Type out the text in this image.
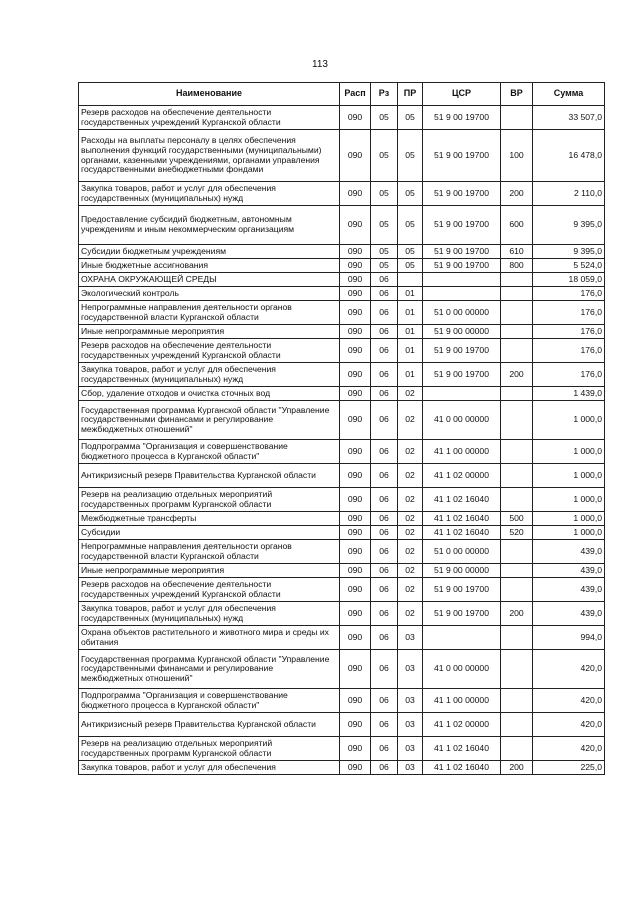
113
Наименование	Расп	Рз	ПР	ЦСР	ВР	Сумма
Резерв расходов на обеспечение деятельности государственных учреждений Курганской области	090	05	05	51 9 00 19700		33 507,0
Расходы на выплаты персоналу в целях обеспечения выполнения функций государственными (муниципальными) органами, казенными учреждениями, органами управления государственными внебюджетными фондами	090	05	05	51 9 00 19700	100	16 478,0
Закупка товаров, работ и услуг для обеспечения государственных (муниципальных) нужд	090	05	05	51 9 00 19700	200	2 110,0
Предоставление субсидий бюджетным, автономным учреждениям и иным некоммерческим организациям	090	05	05	51 9 00 19700	600	9 395,0
Субсидии бюджетным учреждениям	090	05	05	51 9 00 19700	610	9 395,0
Иные бюджетные ассигнования	090	05	05	51 9 00 19700	800	5 524,0
ОХРАНА ОКРУЖАЮЩЕЙ СРЕДЫ	090	06				18 059,0
Экологический контроль	090	06	01			176,0
Непрограммные направления деятельности органов государственной власти Курганской области	090	06	01	51 0 00 00000		176,0
Иные непрограммные мероприятия	090	06	01	51 9 00 00000		176,0
Резерв расходов на обеспечение деятельности государственных учреждений Курганской области	090	06	01	51 9 00 19700		176,0
Закупка товаров, работ и услуг для обеспечения государственных (муниципальных) нужд	090	06	01	51 9 00 19700	200	176,0
Сбор, удаление отходов и очистка сточных вод	090	06	02			1 439,0
Государственная программа Курганской области "Управление государственными финансами и регулирование межбюджетных отношений"	090	06	02	41 0 00 00000		1 000,0
Подпрограмма "Организация и совершенствование бюджетного процесса в Курганской области"	090	06	02	41 1 00 00000		1 000,0
Антикризисный резерв Правительства Курганской области	090	06	02	41 1 02 00000		1 000,0
Резерв на реализацию отдельных мероприятий государственных программ Курганской области	090	06	02	41 1 02 16040		1 000,0
Межбюджетные трансферты	090	06	02	41 1 02 16040	500	1 000,0
Субсидии	090	06	02	41 1 02 16040	520	1 000,0
Непрограммные направления деятельности органов государственной власти Курганской области	090	06	02	51 0 00 00000		439,0
Иные непрограммные мероприятия	090	06	02	51 9 00 00000		439,0
Резерв расходов на обеспечение деятельности государственных учреждений Курганской области	090	06	02	51 9 00 19700		439,0
Закупка товаров, работ и услуг для обеспечения государственных (муниципальных) нужд	090	06	02	51 9 00 19700	200	439,0
Охрана объектов растительного и животного мира и среды их обитания	090	06	03			994,0
Государственная программа Курганской области "Управление государственными финансами и регулирование межбюджетных отношений"	090	06	03	41 0 00 00000		420,0
Подпрограмма "Организация и совершенствование бюджетного процесса в Курганской области"	090	06	03	41 1 00 00000		420,0
Антикризисный резерв Правительства Курганской области	090	06	03	41 1 02 00000		420,0
Резерв на реализацию отдельных мероприятий государственных программ Курганской области	090	06	03	41 1 02 16040		420,0
Закупка товаров, работ и услуг для обеспечения	090	06	03	41 1 02 16040	200	225,0
